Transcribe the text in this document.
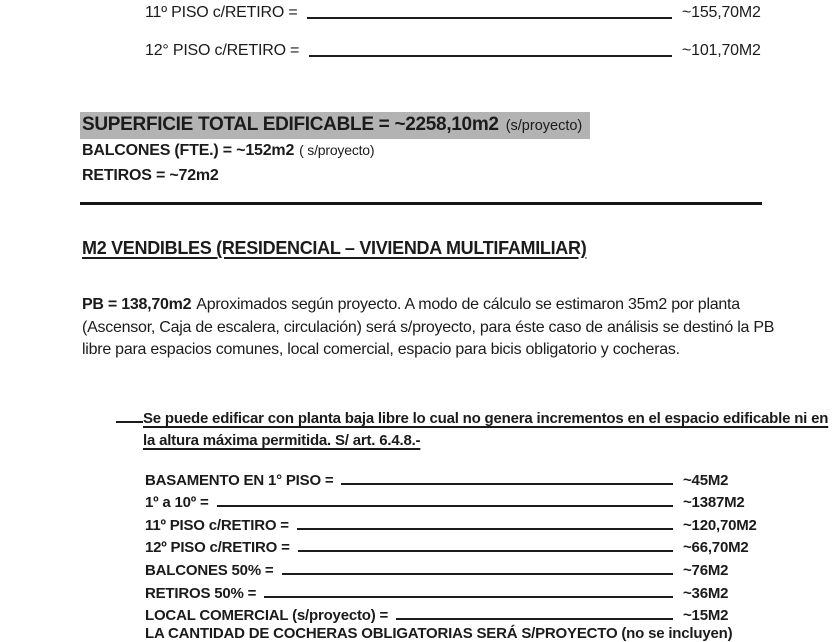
11º PISO c/RETIRO =	~155,70M2
12° PISO c/RETIRO =	~101,70M2
SUPERFICIE TOTAL EDIFICABLE = ~2258,10m2 (s/proyecto)
BALCONES (FTE.) = ~152m2 ( s/proyecto)
RETIROS = ~72m2
M2 VENDIBLES (RESIDENCIAL – VIVIENDA MULTIFAMILIAR)

PB = 138,70m2 Aproximados según proyecto. A modo de cálculo se estimaron 35m2 por planta (Ascensor, Caja de escalera, circulación) será s/proyecto, para éste caso de análisis se destinó la PB libre para espacios comunes, local comercial, espacio para bicis obligatorio y cocheras.

Se puede edificar con planta baja libre lo cual no genera incrementos en el espacio edificable ni en la altura máxima permitida. S/ art. 6.4.8.-
BASAMENTO EN 1° PISO =	~45M2
1º a 10º =	~1387M2
11º PISO c/RETIRO =	~120,70M2
12º PISO c/RETIRO =	~66,70M2
BALCONES 50% =	~76M2
RETIROS 50% =	~36M2
LOCAL COMERCIAL (s/proyecto) =	~15M2
LA CANTIDAD DE COCHERAS OBLIGATORIAS SERÁ S/PROYECTO (no se incluyen)
